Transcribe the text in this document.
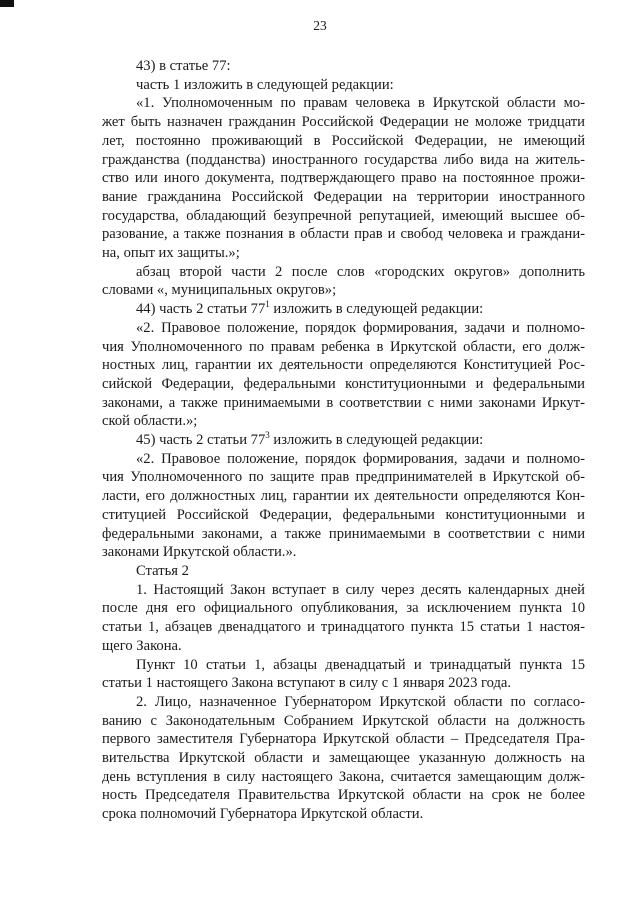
23

43) в статье 77:

часть 1 изложить в следующей редакции:

«1. Уполномоченным по правам человека в Иркутской области мо-
жет быть назначен гражданин Российской Федерации не моложе тридцати
лет, постоянно проживающий в Российской Федерации, не имеющий
гражданства (подданства) иностранного государства либо вида на житель-
ство или иного документа, подтверждающего право на постоянное прожи-
вание гражданина Российской Федерации на территории иностранного
государства, обладающий безупречной репутацией, имеющий высшее об-
разование, а также познания в области прав и свобод человека и граждани-
на, опыт их защиты.»;

абзац второй части 2 после слов «городских округов» дополнить
словами «, муниципальных округов»;

44) часть 2 статьи $77^1$ изложить в следующей редакции:

«2. Правовое положение, порядок формирования, задачи и полномо-
чия Уполномоченного по правам ребенка в Иркутской области, его долж-
ностных лиц, гарантии их деятельности определяются Конституцией Рос-
сийской Федерации, федеральными конституционными и федеральными
законами, а также принимаемыми в соответствии с ними законами Иркут-
ской области.»;

45) часть 2 статьи $77^3$ изложить в следующей редакции:

«2. Правовое положение, порядок формирования, задачи и полномо-
чия Уполномоченного по защите прав предпринимателей в Иркутской об-
ласти, его должностных лиц, гарантии их деятельности определяются Кон-
ституцией Российской Федерации, федеральными конституционными и
федеральными законами, а также принимаемыми в соответствии с ними
законами Иркутской области.».

Статья 2

1. Настоящий Закон вступает в силу через десять календарных дней
после дня его официального опубликования, за исключением пункта 10
статьи 1, абзацев двенадцатого и тринадцатого пункта 15 статьи 1 настоя-
щего Закона.

Пункт 10 статьи 1, абзацы двенадцатый и тринадцатый пункта 15
статьи 1 настоящего Закона вступают в силу с 1 января 2023 года.

2. Лицо, назначенное Губернатором Иркутской области по согласо-
ванию с Законодательным Собранием Иркутской области на должность
первого заместителя Губернатора Иркутской области – Председателя Пра-
вительства Иркутской области и замещающее указанную должность на
день вступления в силу настоящего Закона, считается замещающим долж-
ность Председателя Правительства Иркутской области на срок не более
срока полномочий Губернатора Иркутской области.
